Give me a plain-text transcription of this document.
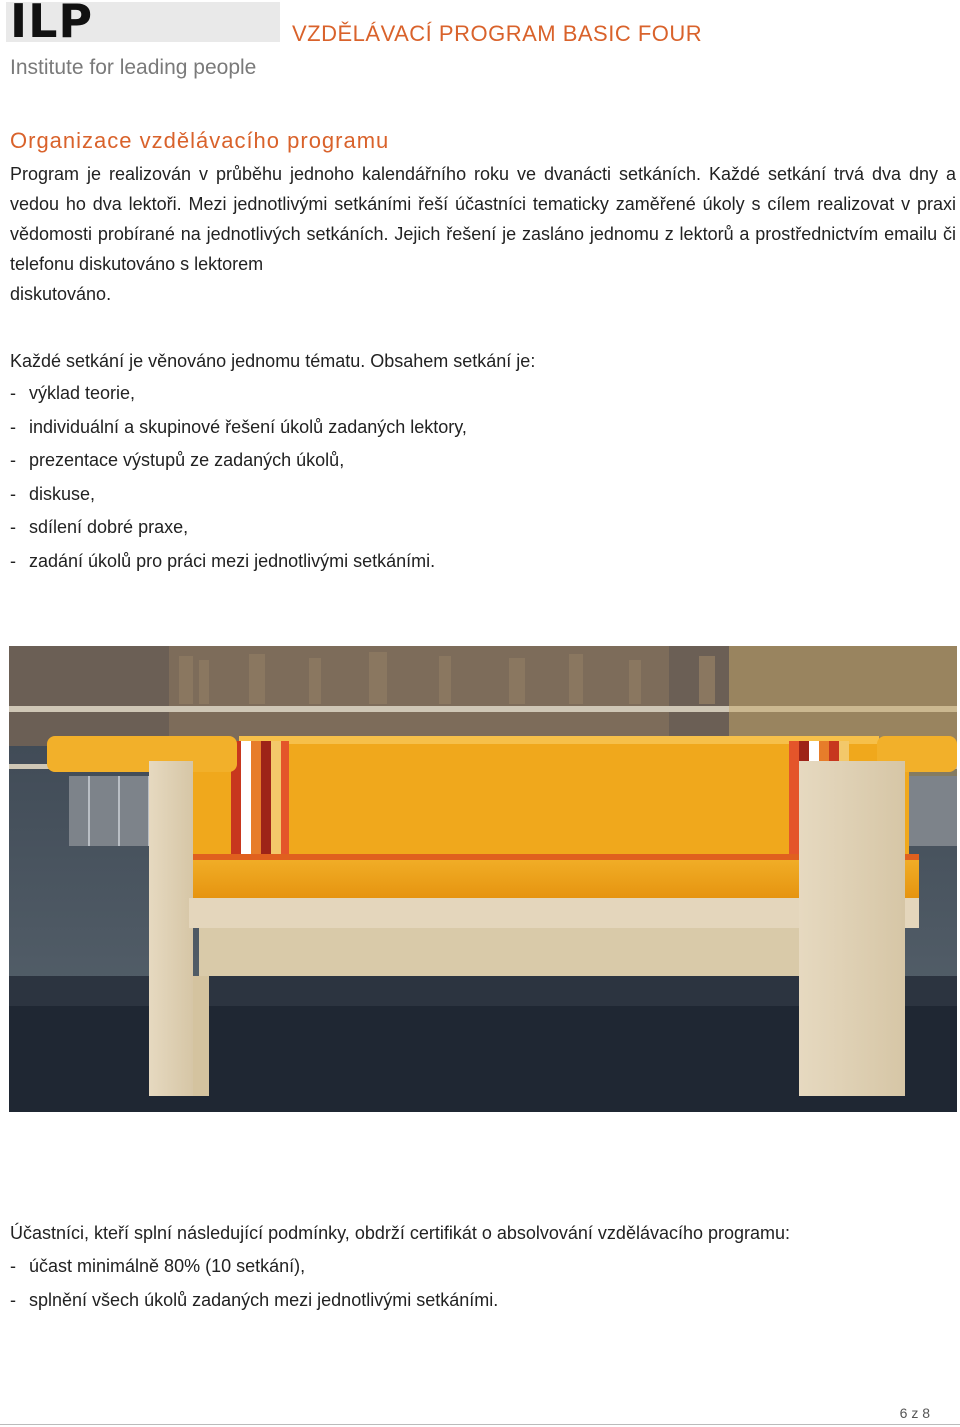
ILP
Institute for leading people
VZDĚLÁVACÍ PROGRAM BASIC FOUR
Organizace vzdělávacího programu

Program je realizován v průběhu jednoho kalendářního roku ve dvanácti setkáních. Každé setkání trvá dva dny a vedou ho dva lektoři. Mezi jednotlivými setkáními řeší účastníci tematicky zaměřené úkoly s cílem realizovat v praxi vědomosti probírané na jednotlivých setkáních. Jejich řešení je zasláno jednomu z lektorů a prostřednictvím emailu či telefonu diskutováno s lektorem

diskutováno.

Každé setkání je věnováno jednomu tématu. Obsahem setkání je:

- výklad teorie,
- individuální a skupinové řešení úkolů zadaných lektory,
- prezentace výstupů ze zadaných úkolů,
- diskuse,
- sdílení dobré praxe,
- zadání úkolů pro práci mezi jednotlivými setkáními.

Účastníci, kteří splní následující podmínky, obdrží certifikát o absolvování vzdělávacího programu:

- účast minimálně 80% (10 setkání),
- splnění všech úkolů zadaných mezi jednotlivými setkáními.
6 z 8
